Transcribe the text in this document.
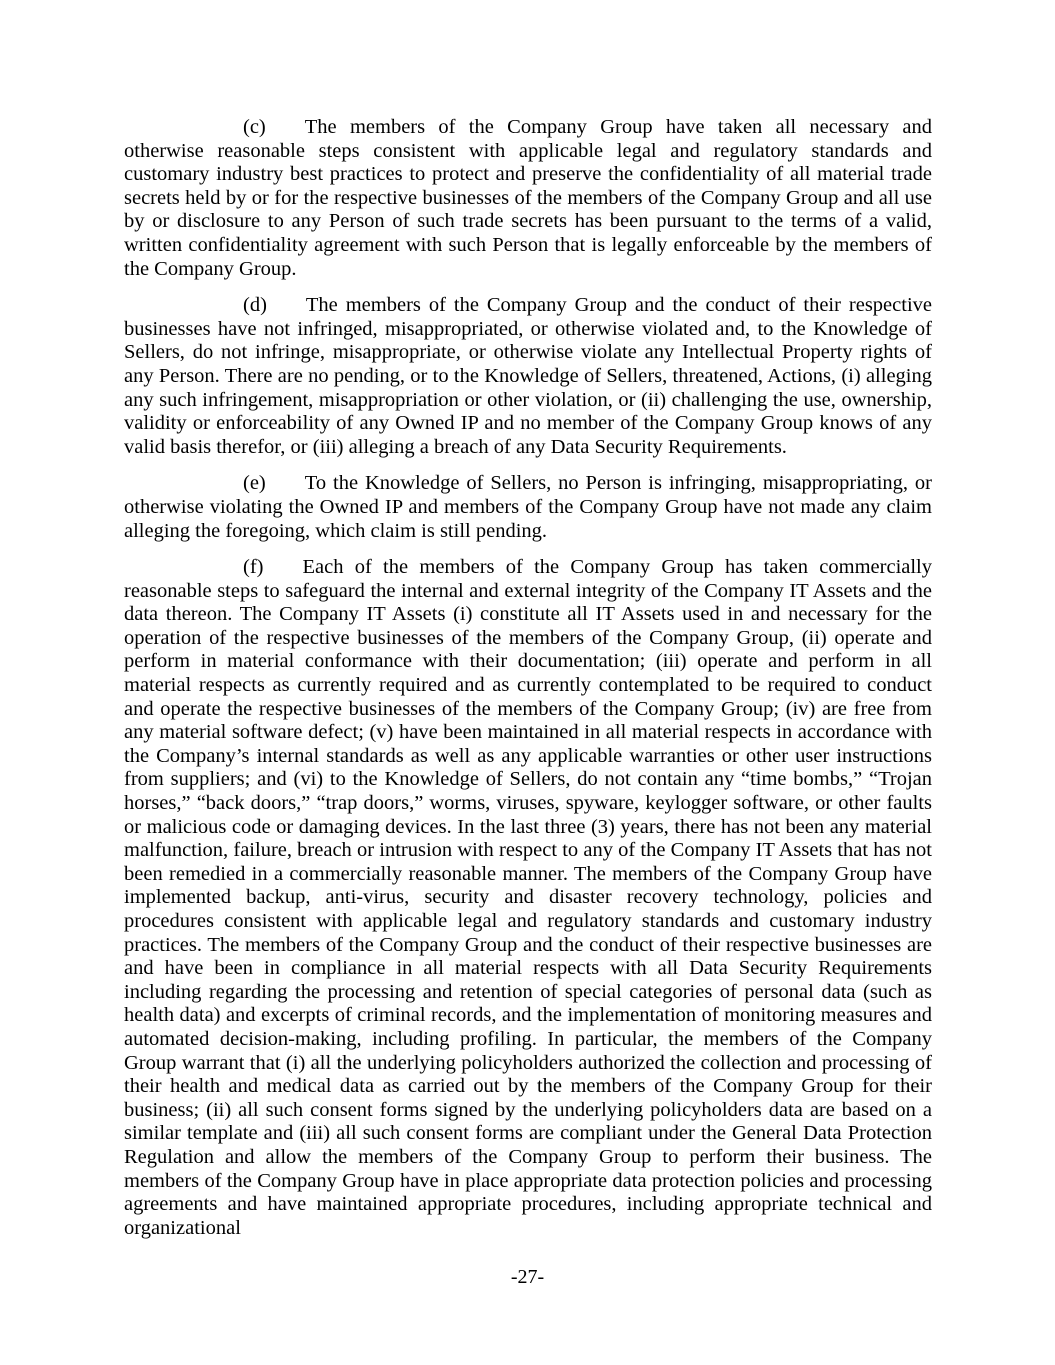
(c) The members of the Company Group have taken all necessary and otherwise reasonable steps consistent with applicable legal and regulatory standards and customary industry best practices to protect and preserve the confidentiality of all material trade secrets held by or for the respective businesses of the members of the Company Group and all use by or disclosure to any Person of such trade secrets has been pursuant to the terms of a valid, written confidentiality agreement with such Person that is legally enforceable by the members of the Company Group.

(d) The members of the Company Group and the conduct of their respective businesses have not infringed, misappropriated, or otherwise violated and, to the Knowledge of Sellers, do not infringe, misappropriate, or otherwise violate any Intellectual Property rights of any Person. There are no pending, or to the Knowledge of Sellers, threatened, Actions, (i) alleging any such infringement, misappropriation or other violation, or (ii) challenging the use, ownership, validity or enforceability of any Owned IP and no member of the Company Group knows of any valid basis therefor, or (iii) alleging a breach of any Data Security Requirements.

(e) To the Knowledge of Sellers, no Person is infringing, misappropriating, or otherwise violating the Owned IP and members of the Company Group have not made any claim alleging the foregoing, which claim is still pending.

(f) Each of the members of the Company Group has taken commercially reasonable steps to safeguard the internal and external integrity of the Company IT Assets and the data thereon. The Company IT Assets (i) constitute all IT Assets used in and necessary for the operation of the respective businesses of the members of the Company Group, (ii) operate and perform in material conformance with their documentation; (iii) operate and perform in all material respects as currently required and as currently contemplated to be required to conduct and operate the respective businesses of the members of the Company Group; (iv) are free from any material software defect; (v) have been maintained in all material respects in accordance with the Company’s internal standards as well as any applicable warranties or other user instructions from suppliers; and (vi) to the Knowledge of Sellers, do not contain any “time bombs,” “Trojan horses,” “back doors,” “trap doors,” worms, viruses, spyware, keylogger software, or other faults or malicious code or damaging devices. In the last three (3) years, there has not been any material malfunction, failure, breach or intrusion with respect to any of the Company IT Assets that has not been remedied in a commercially reasonable manner. The members of the Company Group have implemented backup, anti-virus, security and disaster recovery technology, policies and procedures consistent with applicable legal and regulatory standards and customary industry practices. The members of the Company Group and the conduct of their respective businesses are and have been in compliance in all material respects with all Data Security Requirements including regarding the processing and retention of special categories of personal data (such as health data) and excerpts of criminal records, and the implementation of monitoring measures and automated decision-making, including profiling. In particular, the members of the Company Group warrant that (i) all the underlying policyholders authorized the collection and processing of their health and medical data as carried out by the members of the Company Group for their business; (ii) all such consent forms signed by the underlying policyholders data are based on a similar template and (iii) all such consent forms are compliant under the General Data Protection Regulation and allow the members of the Company Group to perform their business. The members of the Company Group have in place appropriate data protection policies and processing agreements and have maintained appropriate procedures, including appropriate technical and organizational

-27-
